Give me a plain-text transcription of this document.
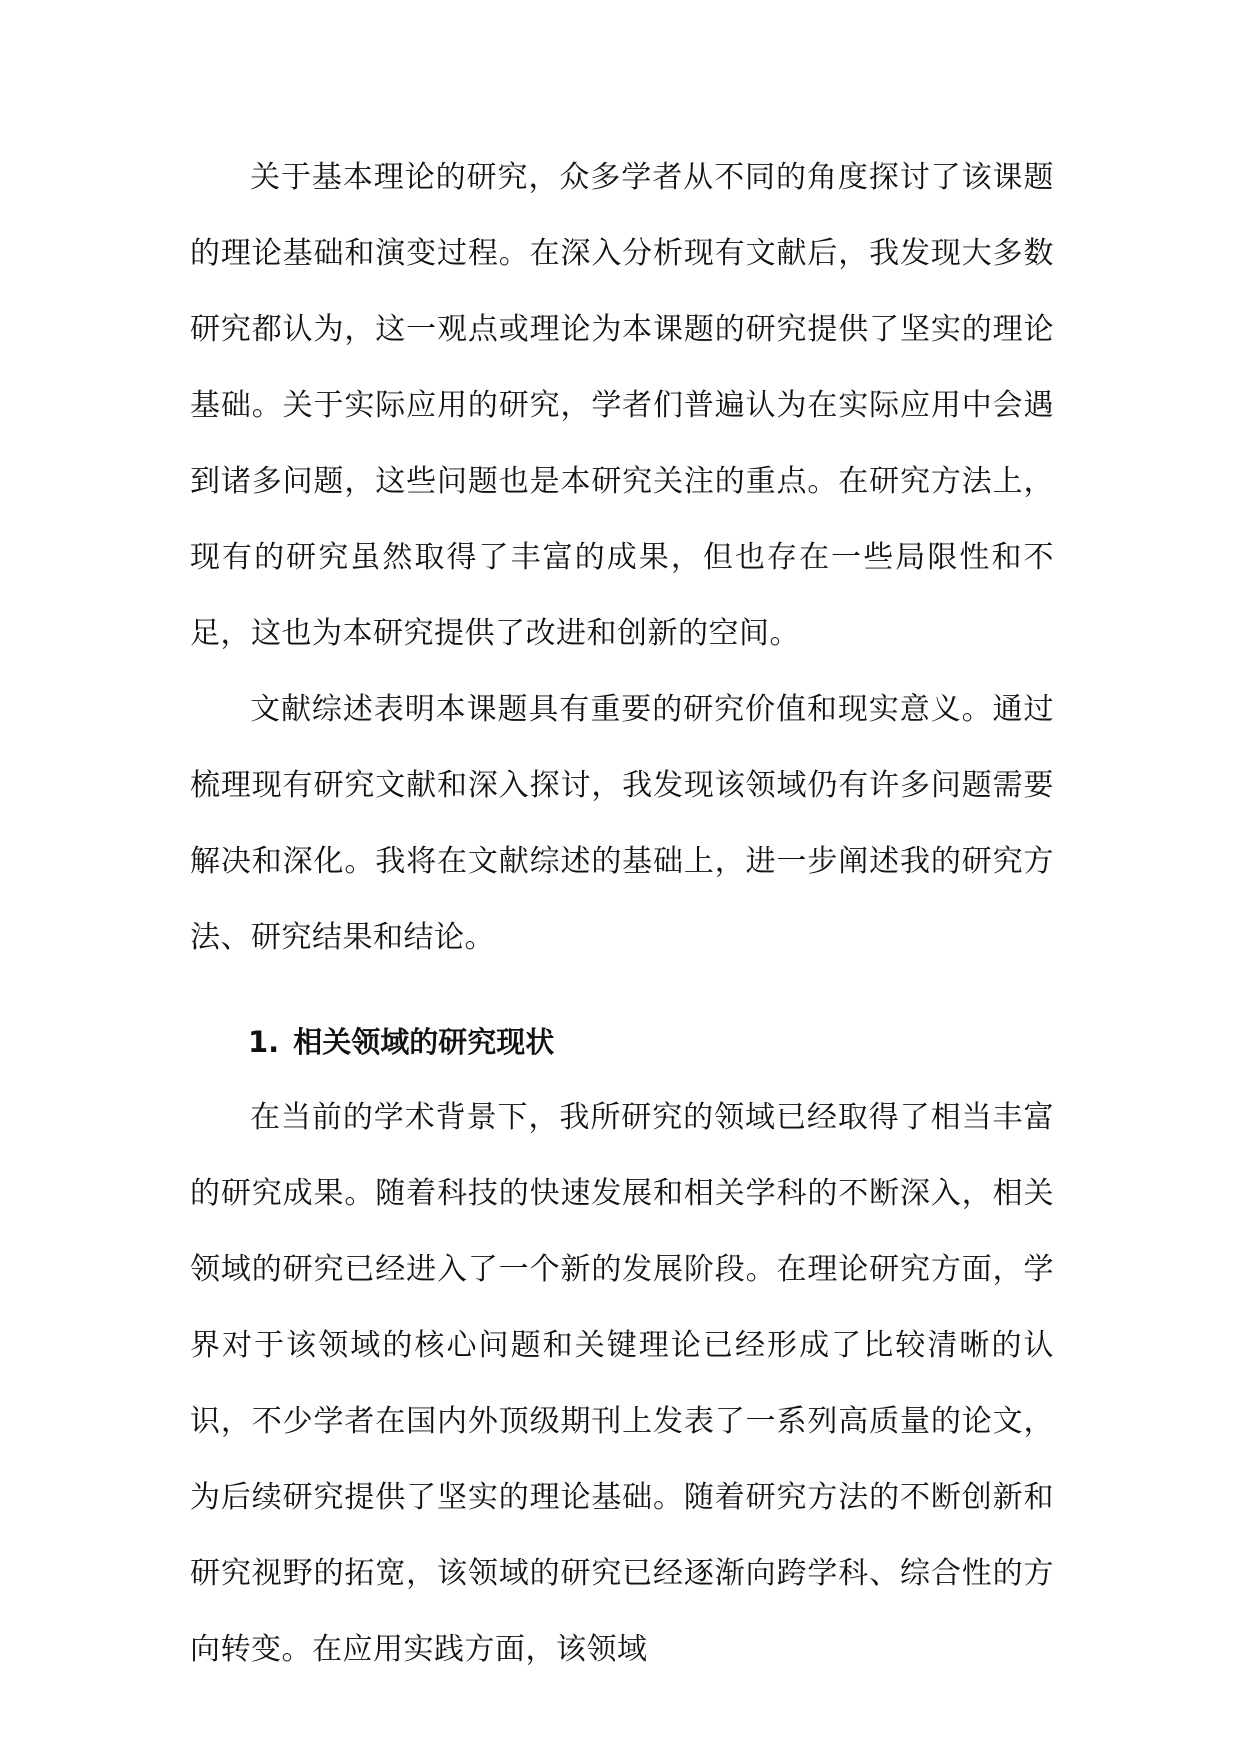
关于基本理论的研究，众多学者从不同的角度探讨了该课题的理论基础和演变过程。在深入分析现有文献后，我发现大多数研究都认为，这一观点或理论为本课题的研究提供了坚实的理论基础。关于实际应用的研究，学者们普遍认为在实际应用中会遇到诸多问题，这些问题也是本研究关注的重点。在研究方法上，现有的研究虽然取得了丰富的成果，但也存在一些局限性和不足，这也为本研究提供了改进和创新的空间。

文献综述表明本课题具有重要的研究价值和现实意义。通过梳理现有研究文献和深入探讨，我发现该领域仍有许多问题需要解决和深化。我将在文献综述的基础上，进一步阐述我的研究方法、研究结果和结论。

1. 相关领域的研究现状

在当前的学术背景下，我所研究的领域已经取得了相当丰富的研究成果。随着科技的快速发展和相关学科的不断深入，相关领域的研究已经进入了一个新的发展阶段。在理论研究方面，学界对于该领域的核心问题和关键理论已经形成了比较清晰的认识，不少学者在国内外顶级期刊上发表了一系列高质量的论文，为后续研究提供了坚实的理论基础。随着研究方法的不断创新和研究视野的拓宽，该领域的研究已经逐渐向跨学科、综合性的方向转变。在应用实践方面，该领域
